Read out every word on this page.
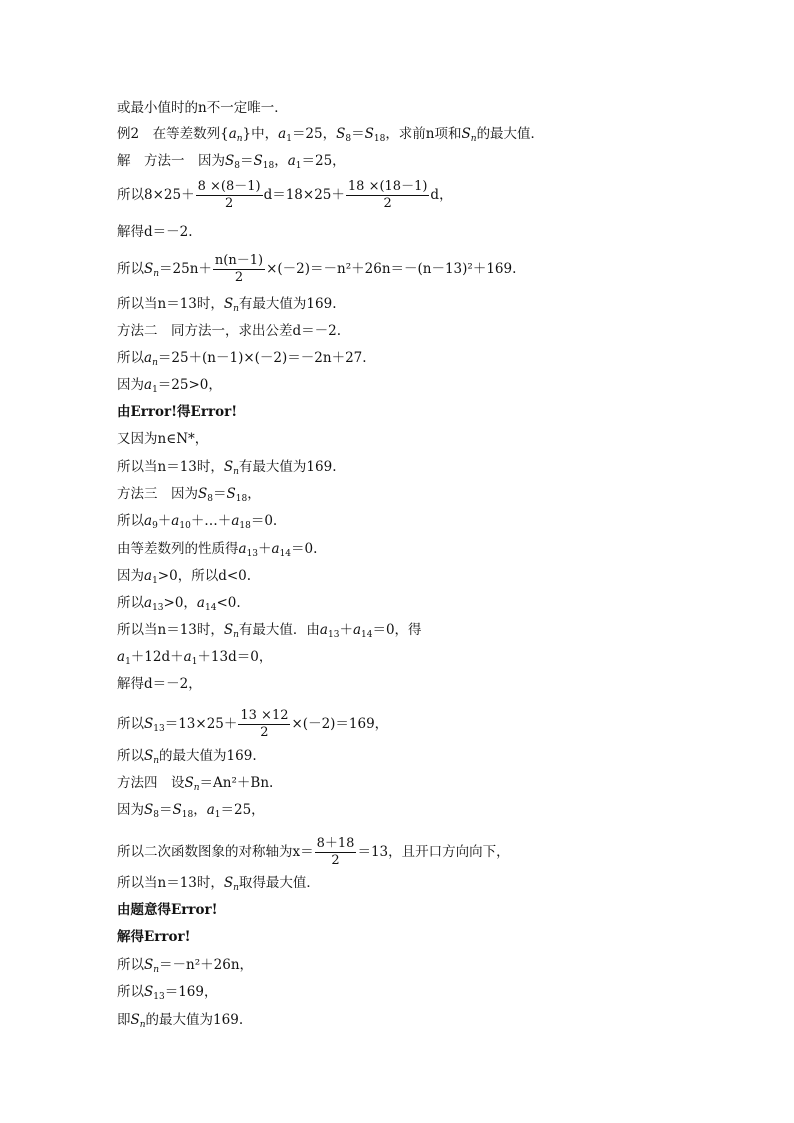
或最小值时的n不一定唯一．
例2　在等差数列$\{a_n\}$中，$a_1=25$，$S_8=S_{18}$，求前n项和$S_n$的最大值．
解　方法一　因为$S_8=S_{18}$，$a_1=25$，
所以$8\times 25+ \frac{8 \times(8-1)}{2} d=18\times 25+ \frac{18 \times(18-1)}{2}$ d，
解得d＝－2.
所以$S_n=25n+ \frac{n(n-1)}{2} \times(-2)=-n^2+26n=-(n-13)^2+169$.
所以当n＝13时，$S_n$有最大值为169.
方法二　同方法一，求出公差d＝－2.
所以$a_n=25+(n-1)\times(-2)=-2n+27$.
因为$a_1=25>0$，
由Error!得Error!
又因为n∈N*，
所以当n＝13时，$S_n$有最大值为169.
方法三　因为$S_8=S_{18}$，
所以$a_9+a_{10}+\dots+a_{18}=0$.
由等差数列的性质得$a_{13}+a_{14}=0$.
因为$a_1>0$，所以d<0.
所以$a_{13}>0$，$a_{14}<0$.
所以当n＝13时，$S_n$有最大值．由$a_{13}+a_{14}=0$，得
$a_1+12d+a_1+13d=0$，
解得d＝－2，
所以$S_{13}=13\times 25+ \frac{13 \times 12}{2} \times(-2)=169$，
所以$S_n$的最大值为169.
方法四　设$S_n=An^2+Bn$.
因为$S_8=S_{18}$，$a_1=25$，
所以二次函数图象的对称轴为$x= \frac{8+18}{2} =13$，且开口方向向下，
所以当n＝13时，$S_n$取得最大值．
由题意得Error!
解得Error!
所以$S_n=-n^2+26n$，
所以$S_{13}=169$，
即$S_n$的最大值为169.
